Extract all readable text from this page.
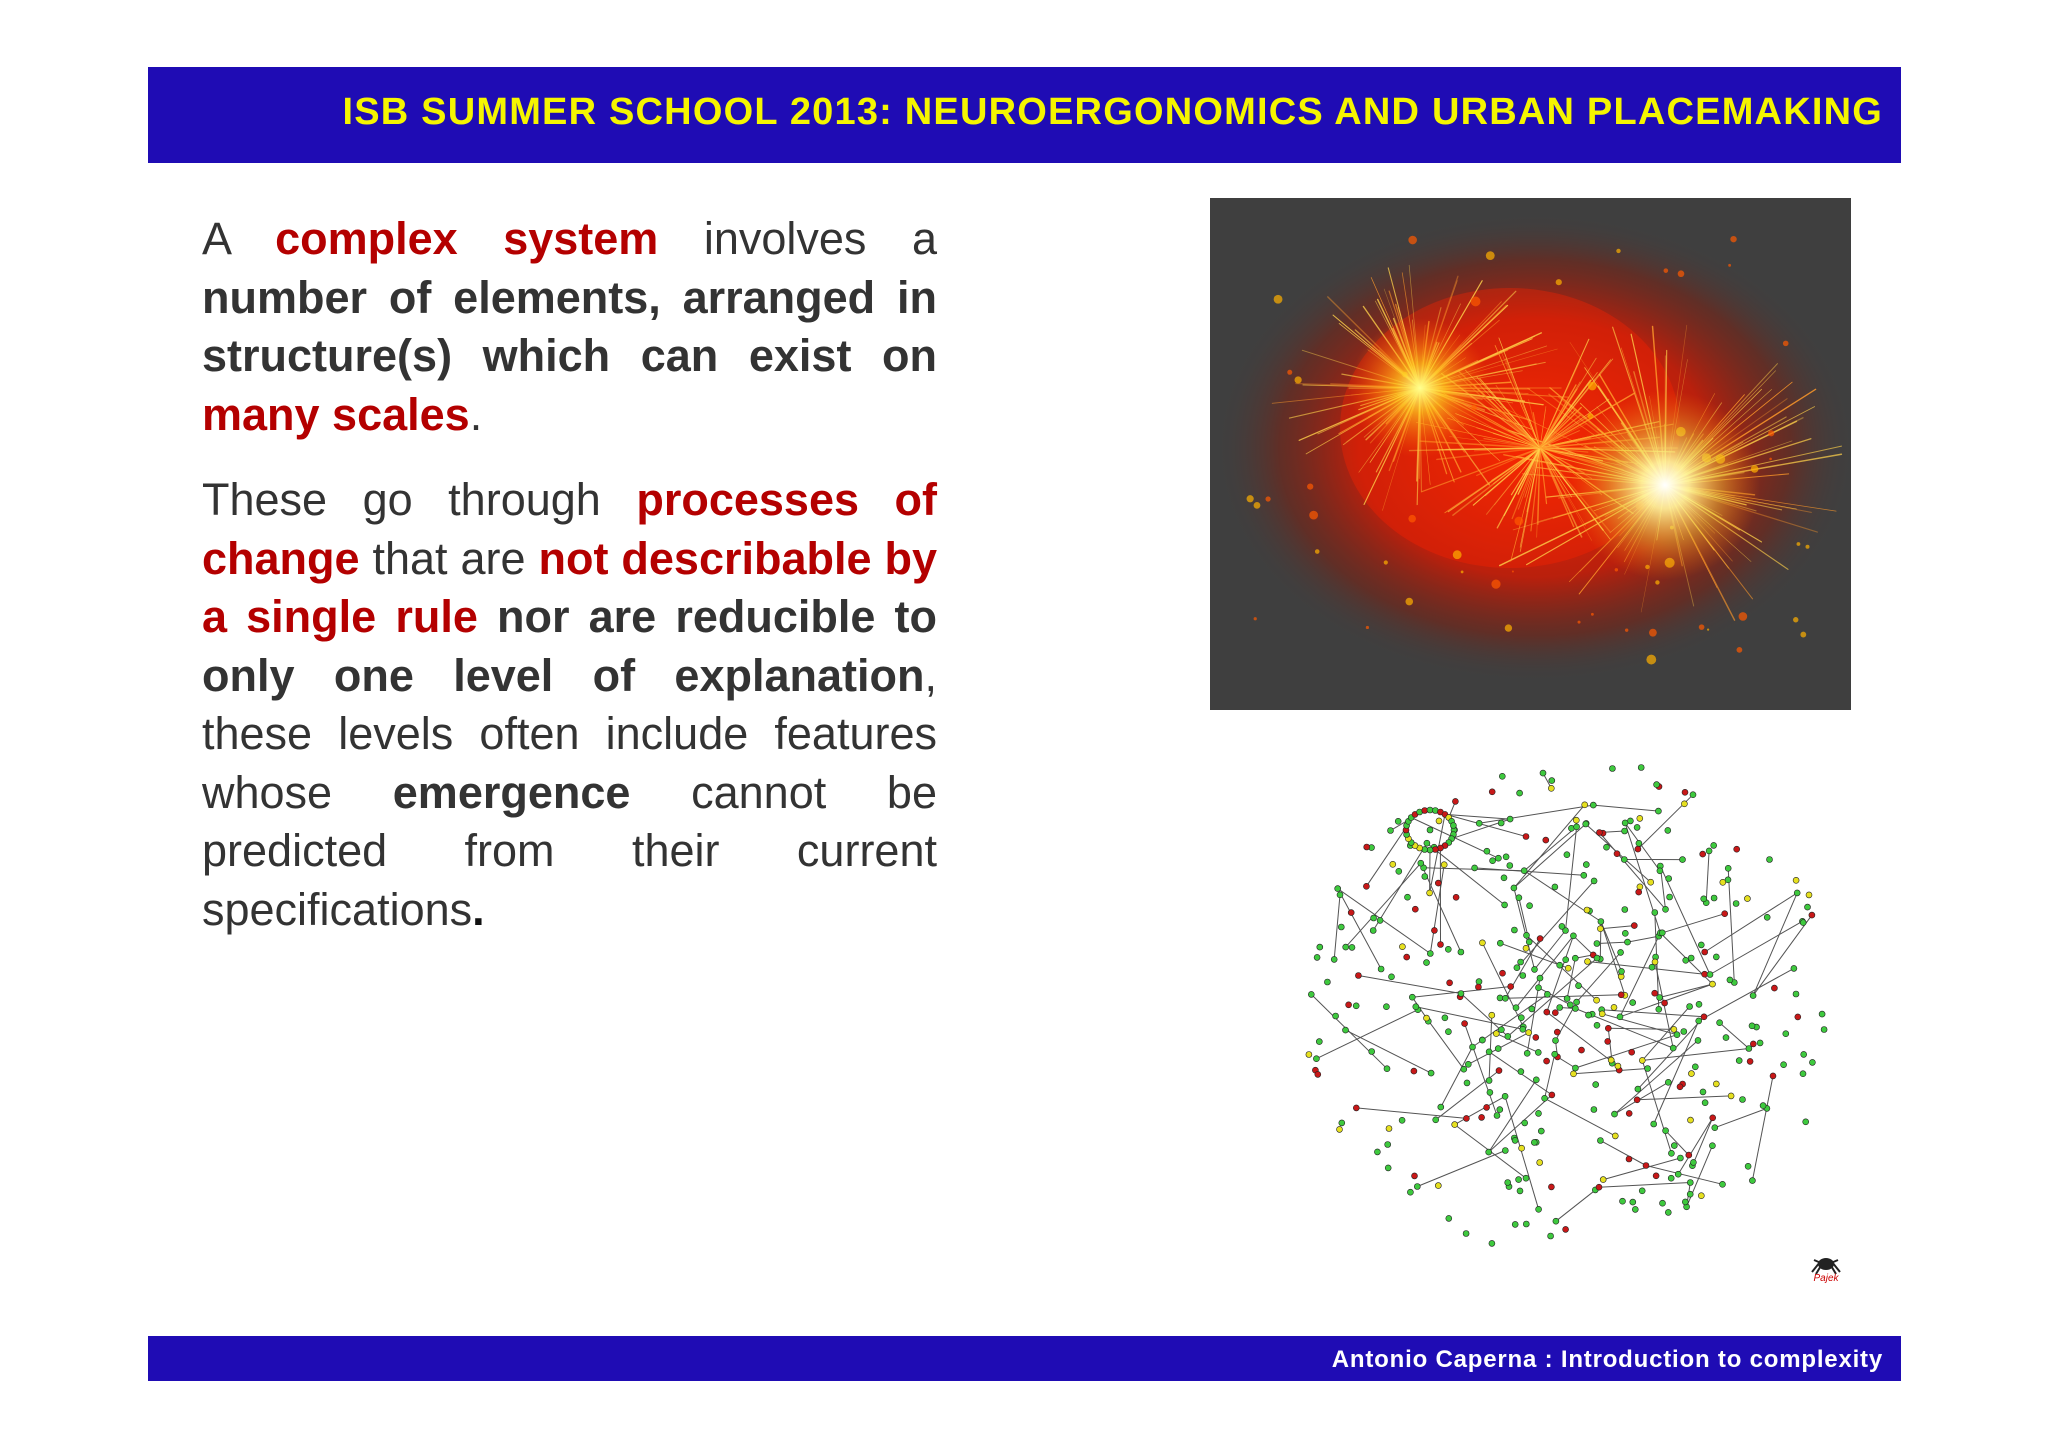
ISB SUMMER SCHOOL 2013: NEUROERGONOMICS AND URBAN PLACEMAKING

A complex system involves a number of elements, arranged in structure(s) which can exist on many scales.

These go through processes of change that are not describable by a single rule nor are reducible to only one level of explanation, these levels often include features whose emergence cannot be predicted from their current specifications.

Pajek
Antonio Caperna : Introduction to complexity
